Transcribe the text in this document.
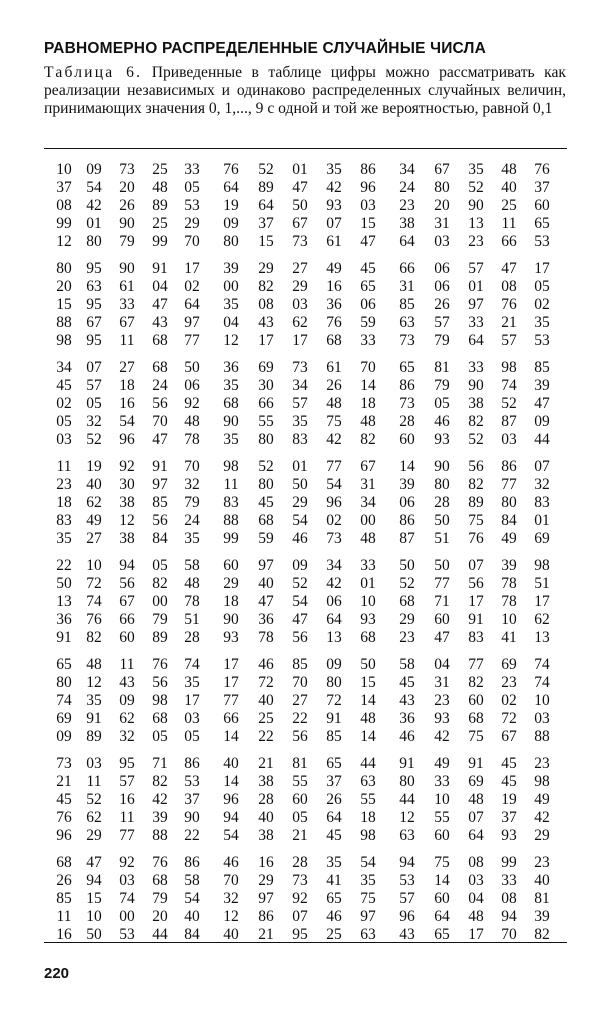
РАВНОМЕРНО РАСПРЕДЕЛЕННЫЕ СЛУЧАЙНЫЕ ЧИСЛА

Таблица 6. Приведенные в таблице цифры можно рассматривать как реализации независимых и одинаково распределенных случайных величин, принимающих значения 0, 1,..., 9 с одной и той же вероятностью, равной 0,1

10 09	73	25	33	76	52	01	35	86	34	67	35	48	76
37 54	20	48	05	64	89	47	42	96	24	80	52	40	37
08 42	26	89	53	19	64	50	93	03	23	20	90	25	60
99 01	90	25	29	09	37	67	07	15	38	31	13	11	65
12 80	79	99	70	80	15	73	61	47	64	03	23	66	53
80 95	90	91	17	39	29	27	49	45	66	06	57	47	17
20 63	61	04	02	00	82	29	16	65	31	06	01	08	05
15 95	33	47	64	35	08	03	36	06	85	26	97	76	02
88 67	67	43	97	04	43	62	76	59	63	57	33	21	35
98 95	11	68	77	12	17	17	68	33	73	79	64	57	53
34 07	27	68	50	36	69	73	61	70	65	81	33	98	85
45 57	18	24	06	35	30	34	26	14	86	79	90	74	39
02 05	16	56	92	68	66	57	48	18	73	05	38	52	47
05 32	54	70	48	90	55	35	75	48	28	46	82	87	09
03 52	96	47	78	35	80	83	42	82	60	93	52	03	44
11 19	92	91	70	98	52	01	77	67	14	90	56	86	07
23 40	30	97	32	11	80	50	54	31	39	80	82	77	32
18 62	38	85	79	83	45	29	96	34	06	28	89	80	83
83 49	12	56	24	88	68	54	02	00	86	50	75	84	01
35 27	38	84	35	99	59	46	73	48	87	51	76	49	69
22 10	94	05	58	60	97	09	34	33	50	50	07	39	98
50 72	56	82	48	29	40	52	42	01	52	77	56	78	51
13 74	67	00	78	18	47	54	06	10	68	71	17	78	17
36 76	66	79	51	90	36	47	64	93	29	60	91	10	62
91 82	60	89	28	93	78	56	13	68	23	47	83	41	13
65 48	11	76	74	17	46	85	09	50	58	04	77	69	74
80 12	43	56	35	17	72	70	80	15	45	31	82	23	74
74 35	09	98	17	77	40	27	72	14	43	23	60	02	10
69 91	62	68	03	66	25	22	91	48	36	93	68	72	03
09 89	32	05	05	14	22	56	85	14	46	42	75	67	88
73 03	95	71	86	40	21	81	65	44	91	49	91	45	23
21 11	57	82	53	14	38	55	37	63	80	33	69	45	98
45 52	16	42	37	96	28	60	26	55	44	10	48	19	49
76 62	11	39	90	94	40	05	64	18	12	55	07	37	42
96 29	77	88	22	54	38	21	45	98	63	60	64	93	29
68 47	92	76	86	46	16	28	35	54	94	75	08	99	23
26 94	03	68	58	70	29	73	41	35	53	14	03	33	40
85 15	74	79	54	32	97	92	65	75	57	60	04	08	81
11 10	00	20	40	12	86	07	46	97	96	64	48	94	39
16 50	53	44	84	40	21	95	25	63	43	65	17	70	82
220
